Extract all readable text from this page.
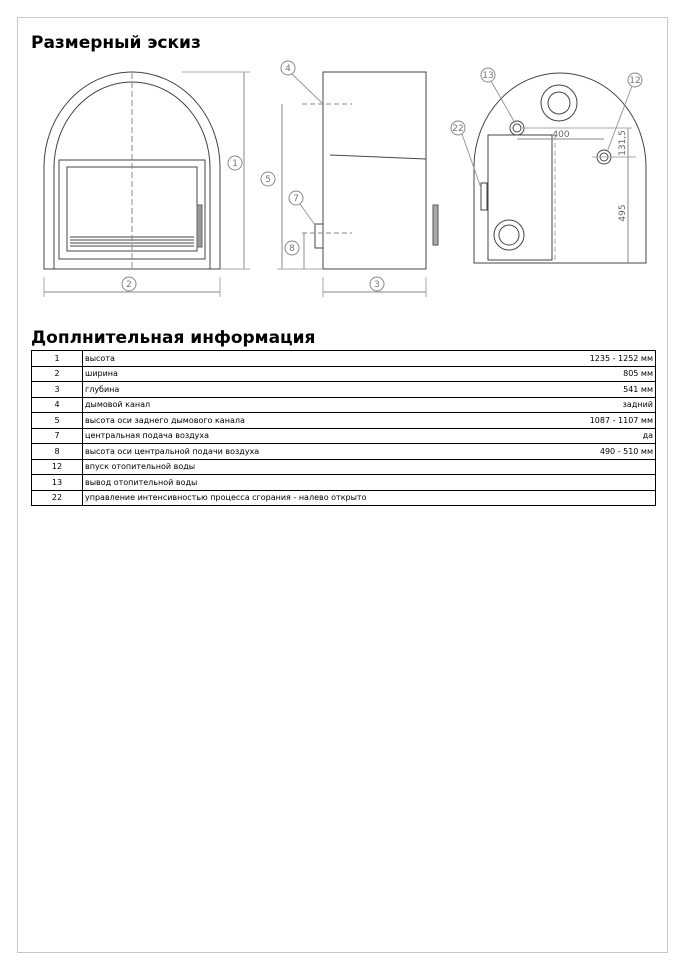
Размерный эскиз
1
2
4
5
7
8
3
13	12
22
400	131,5
495
Доплнительная информация
1	высота	1235 - 1252 мм
2	ширина	805 мм
3	глубина	541 мм
4	дымовой канал	задний
5	высота оси заднего дымового канала	1087 - 1107 мм
7	центральная подача воздуха	да
8	высота оси центральной подачи воздуха	490 - 510 мм
12	впуск отопительной воды	
13	вывод отопительной воды	
22	управление интенсивностью процесса сгорания - налево открыто	
